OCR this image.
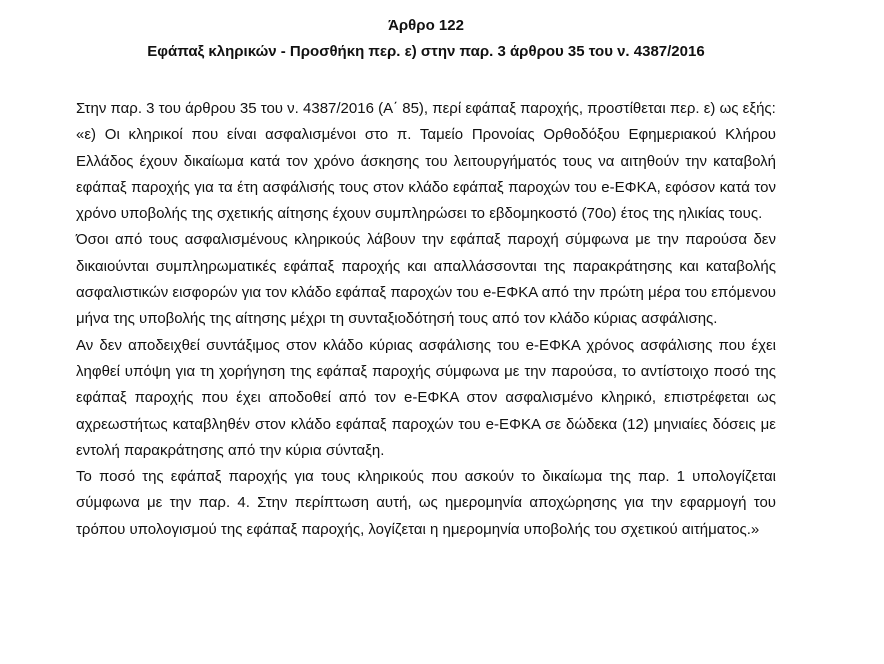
Άρθρο 122
Εφάπαξ κληρικών - Προσθήκη περ. ε) στην παρ. 3 άρθρου 35 του ν. 4387/2016

Στην παρ. 3 του άρθρου 35 του ν. 4387/2016 (Α΄ 85), περί εφάπαξ παροχής, προστίθεται περ. ε) ως εξής:

«ε) Οι κληρικοί που είναι ασφαλισμένοι στο π. Ταμείο Προνοίας Ορθοδόξου Εφημεριακού Κλήρου Ελλάδος έχουν δικαίωμα κατά τον χρόνο άσκησης του λειτουργήματός τους να αιτηθούν την καταβολή εφάπαξ παροχής για τα έτη ασφάλισής τους στον κλάδο εφάπαξ παροχών του e-ΕΦΚΑ, εφόσον κατά τον χρόνο υποβολής της σχετικής αίτησης έχουν συμπληρώσει το εβδομηκοστό (70ο) έτος της ηλικίας τους.

Όσοι από τους ασφαλισμένους κληρικούς λάβουν την εφάπαξ παροχή σύμφωνα με την παρούσα δεν δικαιούνται συμπληρωματικές εφάπαξ παροχής και απαλλάσσονται της παρακράτησης και καταβολής ασφαλιστικών εισφορών για τον κλάδο εφάπαξ παροχών του e-ΕΦΚΑ από την πρώτη μέρα του επόμενου μήνα της υποβολής της αίτησης μέχρι τη συνταξιοδότησή τους από τον κλάδο κύριας ασφάλισης.

Αν δεν αποδειχθεί συντάξιμος στον κλάδο κύριας ασφάλισης του e-ΕΦΚΑ χρόνος ασφάλισης που έχει ληφθεί υπόψη για τη χορήγηση της εφάπαξ παροχής σύμφωνα με την παρούσα, το αντίστοιχο ποσό της εφάπαξ παροχής που έχει αποδοθεί από τον e-ΕΦΚΑ στον ασφαλισμένο κληρικό, επιστρέφεται ως αχρεωστήτως καταβληθέν στον κλάδο εφάπαξ παροχών του e-ΕΦΚΑ σε δώδεκα (12) μηνιαίες δόσεις με εντολή παρακράτησης από την κύρια σύνταξη.

Το ποσό της εφάπαξ παροχής για τους κληρικούς που ασκούν το δικαίωμα της παρ. 1 υπολογίζεται σύμφωνα με την παρ. 4. Στην περίπτωση αυτή, ως ημερομηνία αποχώρησης για την εφαρμογή του τρόπου υπολογισμού της εφάπαξ παροχής, λογίζεται η ημερομηνία υποβολής του σχετικού αιτήματος.»
